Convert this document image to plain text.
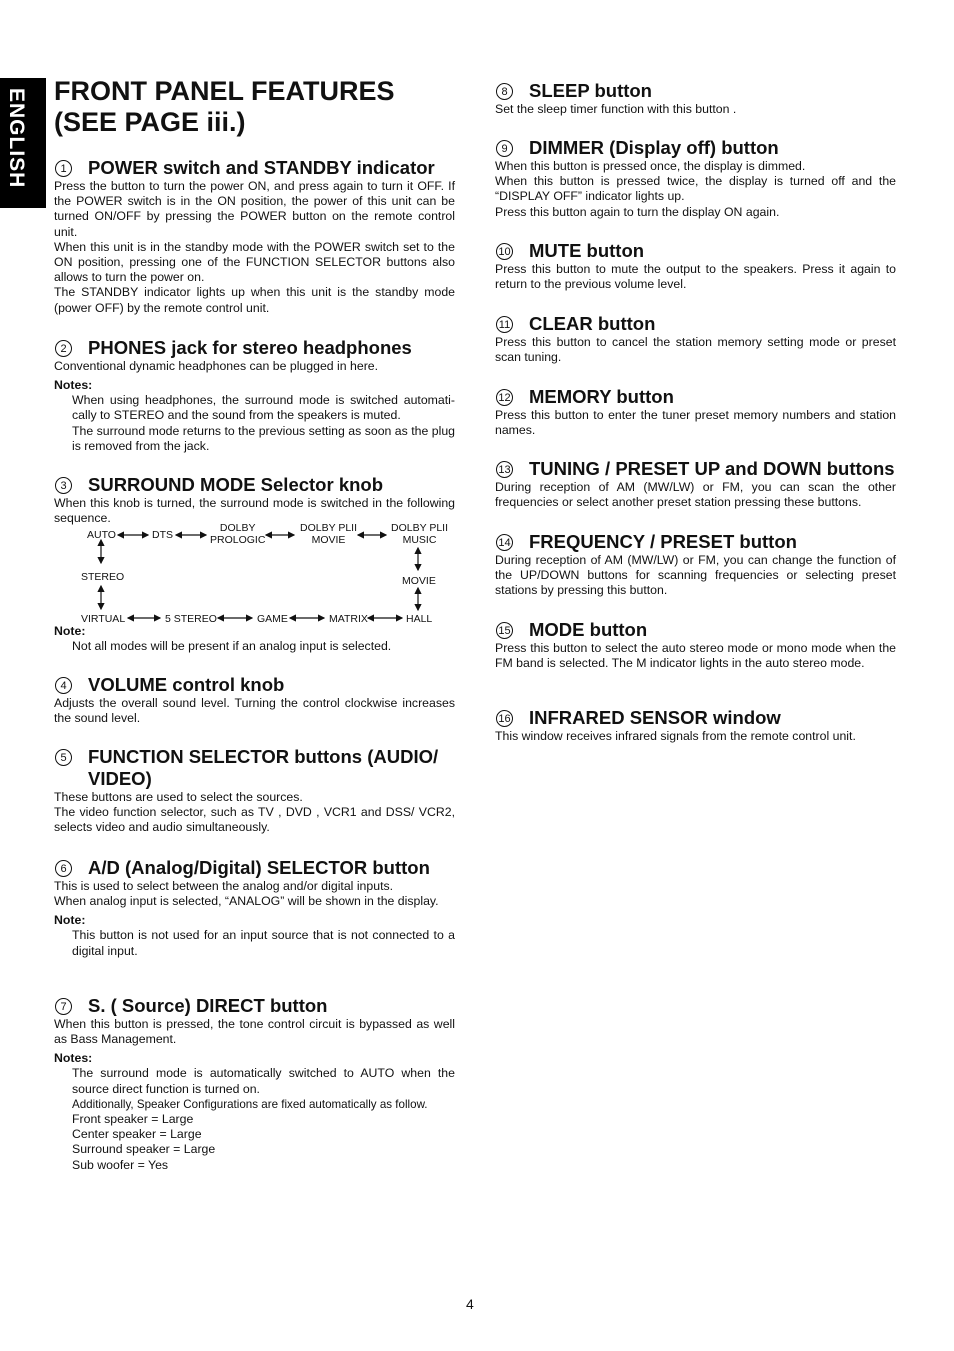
ENGLISH FRONT PANEL FEATURES (SEE PAGE iii.)
1 POWER switch and STANDBY indicator

Press the button to turn the power ON, and press again to turn it OFF. If the POWER switch is in the ON position, the power of this unit can be turned ON/OFF by pressing the POWER button on the remote control unit.

When this unit is in the standby mode with the POWER switch set to the ON position, pressing one of the FUNCTION SELECTOR buttons also allows to turn the power on.

The STANDBY indicator lights up when this unit is the standby mode (power OFF) by the remote control unit.

2 PHONES jack for stereo headphones

Conventional dynamic headphones can be plugged in here.

Notes:

When using headphones, the surround mode is switched automati-cally to STEREO and the sound from the speakers is muted.

The surround mode returns to the previous setting as soon as the plug is removed from the jack.

3 SURROUND MODE Selector knob

When this knob is turned, the surround mode is switched in the following sequence.

AUTO	DTS
DOLBY
PROLOGIC
DOLBY PLII
MOVIE
DOLBY PLII
MUSIC
STEREO	MOVIE
VIRTUAL	5 STEREO	GAME	MATRIX	HALL

Note:

Not all modes will be present if an analog input is selected.

4 VOLUME control knob

Adjusts the overall sound level. Turning the control clockwise increases the sound level.

5 FUNCTION SELECTOR buttons (AUDIO/ VIDEO)

These buttons are used to select the sources.

The video function selector, such as TV , DVD , VCR1 and DSS/ VCR2, selects video and audio simultaneously.

6 A/D (Analog/Digital) SELECTOR button

This is used to select between the analog and/or digital inputs.

When analog input is selected, “ANALOG” will be shown in the display.

Note:

This button is not used for an input source that is not connected to a digital input.

7 S. ( Source) DIRECT button

When this button is pressed, the tone control circuit is bypassed as well as Bass Management.

Notes:

The surround mode is automatically switched to AUTO when the source direct function is turned on.

Additionally, Speaker Configurations are fixed automatically as follow.

Front speaker = Large

Center speaker = Large

Surround speaker = Large

Sub woofer = Yes

8 SLEEP button

Set the sleep timer function with this button .

9 DIMMER (Display off) button

When this button is pressed once, the display is dimmed.

When this button is pressed twice, the display is turned off and the “DISPLAY OFF” indicator lights up.

Press this button again to turn the display ON again.

10 MUTE button

Press this button to mute the output to the speakers. Press it again to return to the previous volume level.

11 CLEAR button

Press this button to cancel the station memory setting mode or preset scan tuning.

12 MEMORY button

Press this button to enter the tuner preset memory numbers and station names.

13 TUNING / PRESET UP and DOWN buttons

During reception of AM (MW/LW) or FM, you can scan the other frequencies or select another preset station pressing these buttons.

14 FREQUENCY / PRESET button

During reception of AM (MW/LW) or FM, you can change the function of the UP/DOWN buttons for scanning frequencies or selecting preset stations by pressing this button.

15 MODE button

Press this button to select the auto stereo mode or mono mode when the FM band is selected. The M indicator lights in the auto stereo mode.

16 INFRARED SENSOR window

This window receives infrared signals from the remote control unit.

4
